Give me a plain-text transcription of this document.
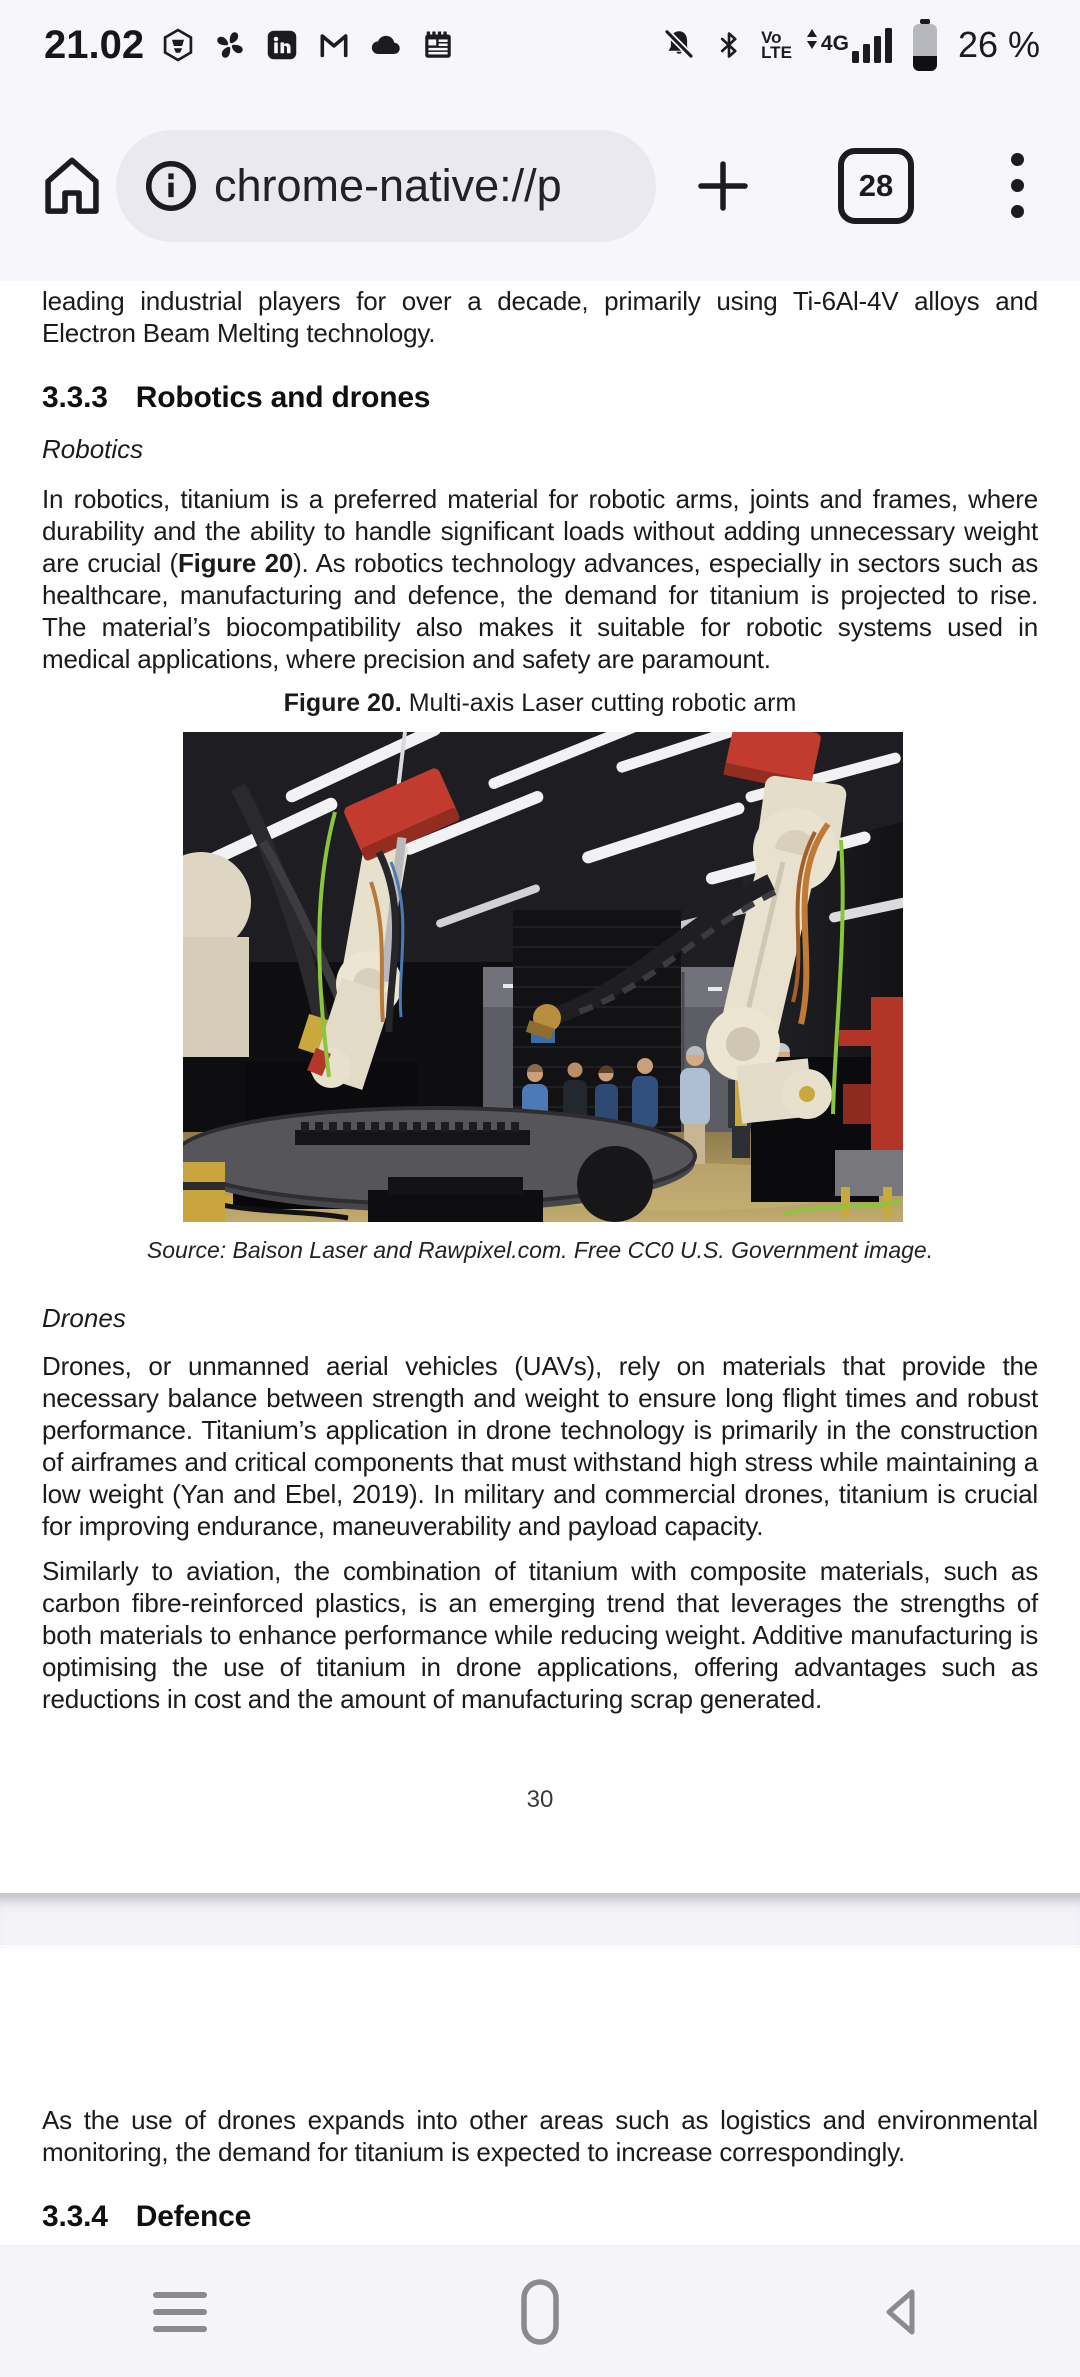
21.02	Vo
LTE 4G	26 %
chrome-native://p	28

leading industrial players for over a decade, primarily using Ti-6Al-4V alloys and Electron Beam Melting technology.

3.3.3 Robotics and drones
Robotics

In robotics, titanium is a preferred material for robotic arms, joints and frames, where durability and the ability to handle significant loads without adding unnecessary weight are crucial (Figure 20). As robotics technology advances, especially in sectors such as healthcare, manufacturing and defence, the demand for titanium is projected to rise. The material’s biocompatibility also makes it suitable for robotic systems used in medical applications, where precision and safety are paramount.

Figure 20. Multi-axis Laser cutting robotic arm
Source: Baison Laser and Rawpixel.com. Free CC0 U.S. Government image.
Drones

Drones, or unmanned aerial vehicles (UAVs), rely on materials that provide the necessary balance between strength and weight to ensure long flight times and robust performance. Titanium’s application in drone technology is primarily in the construction of airframes and critical components that must withstand high stress while maintaining a low weight (Yan and Ebel, 2019). In military and commercial drones, titanium is crucial for improving endurance, maneuverability and payload capacity.

Similarly to aviation, the combination of titanium with composite materials, such as carbon fibre-reinforced plastics, is an emerging trend that leverages the strengths of both materials to enhance performance while reducing weight. Additive manufacturing is optimising the use of titanium in drone applications, offering advantages such as reductions in cost and the amount of manufacturing scrap generated.

30

As the use of drones expands into other areas such as logistics and environmental monitoring, the demand for titanium is expected to increase correspondingly.

3.3.4 Defence
